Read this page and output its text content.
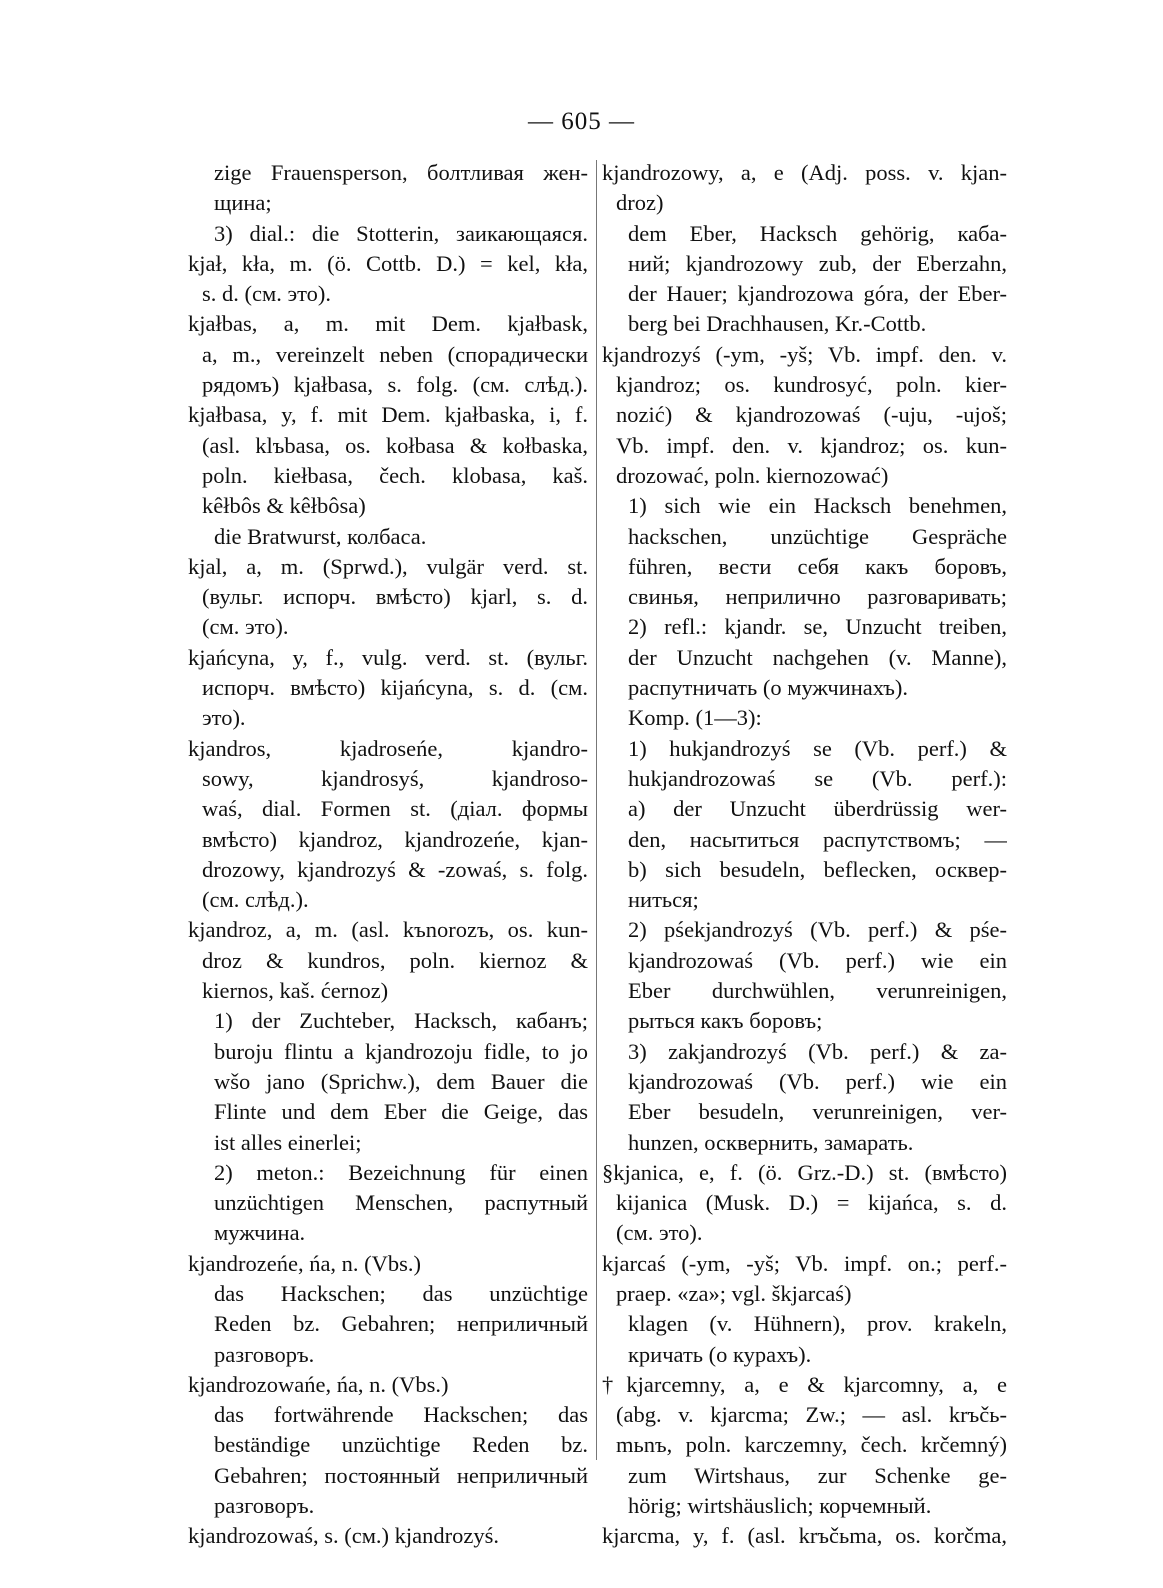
— 605 —
zige Frauensperson, болтливая жен-
щина;
3) dial.: die Stotterin, заикающаяся.
kjał, kła, m. (ö. Cottb. D.) = kel, kła,
s. d. (см. это).
kjałbas, a, m. mit Dem. kjałbask,
a, m., vereinzelt neben (спорадически
рядомъ) kjałbasa, s. folg. (см. слѣд.).
kjałbasa, y, f. mit Dem. kjałbaska, i, f.
(asl. klъbasa, os. kołbasa & kołbaska,
poln. kiełbasa, čech. klobasa, kaš.
kêłbôs & kêłbôsa)
die Bratwurst, колбаса.
kjal, a, m. (Sprwd.), vulgär verd. st.
(вульг. испорч. вмѣсто) kjarl, s. d.
(см. это).
kjańcyna, y, f., vulg. verd. st. (вульг.
испорч. вмѣсто) kijańcyna, s. d. (см.
это).
kjandros, kjadroseńe, kjandro-
sowy, kjandrosyś, kjandroso-
waś, dial. Formen st. (діал. формы
вмѣсто) kjandroz, kjandrozeńe, kjan-
drozowy, kjandrozyś & -zowaś, s. folg.
(см. слѣд.).
kjandroz, a, m. (asl. kъnorozъ, os. kun-
droz & kundros, poln. kiernoz &
kiernos, kaš. ćernoz)
1) der Zuchteber, Hacksch, кабанъ;
buroju flintu a kjandrozoju fidle, to jo
wšo jano (Sprichw.), dem Bauer die
Flinte und dem Eber die Geige, das
ist alles einerlei;
2) meton.: Bezeichnung für einen
unzüchtigen Menschen, распутный
мужчина.
kjandrozeńe, ńa, n. (Vbs.)
das Hackschen; das unzüchtige
Reden bz. Gebahren; неприличный
разговоръ.
kjandrozowańe, ńa, n. (Vbs.)
das fortwährende Hackschen; das
beständige unzüchtige Reden bz.
Gebahren; постоянный неприличный
разговоръ.
kjandrozowaś, s. (см.) kjandrozyś.
kjandrozowy, a, e (Adj. poss. v. kjan-
droz)
dem Eber, Hacksch gehörig, каба-
ний; kjandrozowy zub, der Eberzahn,
der Hauer; kjandrozowa góra, der Eber-
berg bei Drachhausen, Kr.-Cottb.
kjandrozyś (-ym, -yš; Vb. impf. den. v.
kjandroz; os. kundrosyć, poln. kier-
nozić) & kjandrozowaś (-uju, -ujoš;
Vb. impf. den. v. kjandroz; os. kun-
drozować, poln. kiernozować)
1) sich wie ein Hacksch benehmen,
hackschen, unzüchtige Gespräche
führen, вести себя какъ боровъ,
свинья, неприлично разговаривать;
2) refl.: kjandr. se, Unzucht treiben,
der Unzucht nachgehen (v. Manne),
распутничать (о мужчинахъ).
Komp. (1—3):
1) hukjandrozyś se (Vb. perf.) &
hukjandrozowaś se (Vb. perf.):
a) der Unzucht überdrüssig wer-
den, насытиться распутствомъ; —
b) sich besudeln, beflecken, осквер-
ниться;
2) pśekjandrozyś (Vb. perf.) & pśe-
kjandrozowaś (Vb. perf.) wie ein
Eber durchwühlen, verunreinigen,
рыться какъ боровъ;
3) zakjandrozyś (Vb. perf.) & za-
kjandrozowaś (Vb. perf.) wie ein
Eber besudeln, verunreinigen, ver-
hunzen, осквернить, замарать.
§kjanica, e, f. (ö. Grz.-D.) st. (вмѣсто)
kijanica (Musk. D.) = kijańca, s. d.
(см. это).
kjarcaś (-ym, -yš; Vb. impf. on.; perf.-
praep. «za»; vgl. škjarcaś)
klagen (v. Hühnern), prov. krakeln,
кричать (о курахъ).
†kjarcemny, a, e & kjarcomny, a, e
(abg. v. kjarcma; Zw.; — asl. krъčь-
mьnъ, poln. karczemny, čech. krčemný)
zum Wirtshaus, zur Schenke ge-
hörig; wirtshäuslich; корчемный.
kjarcma, y, f. (asl. krъčьma, os. korčma,
